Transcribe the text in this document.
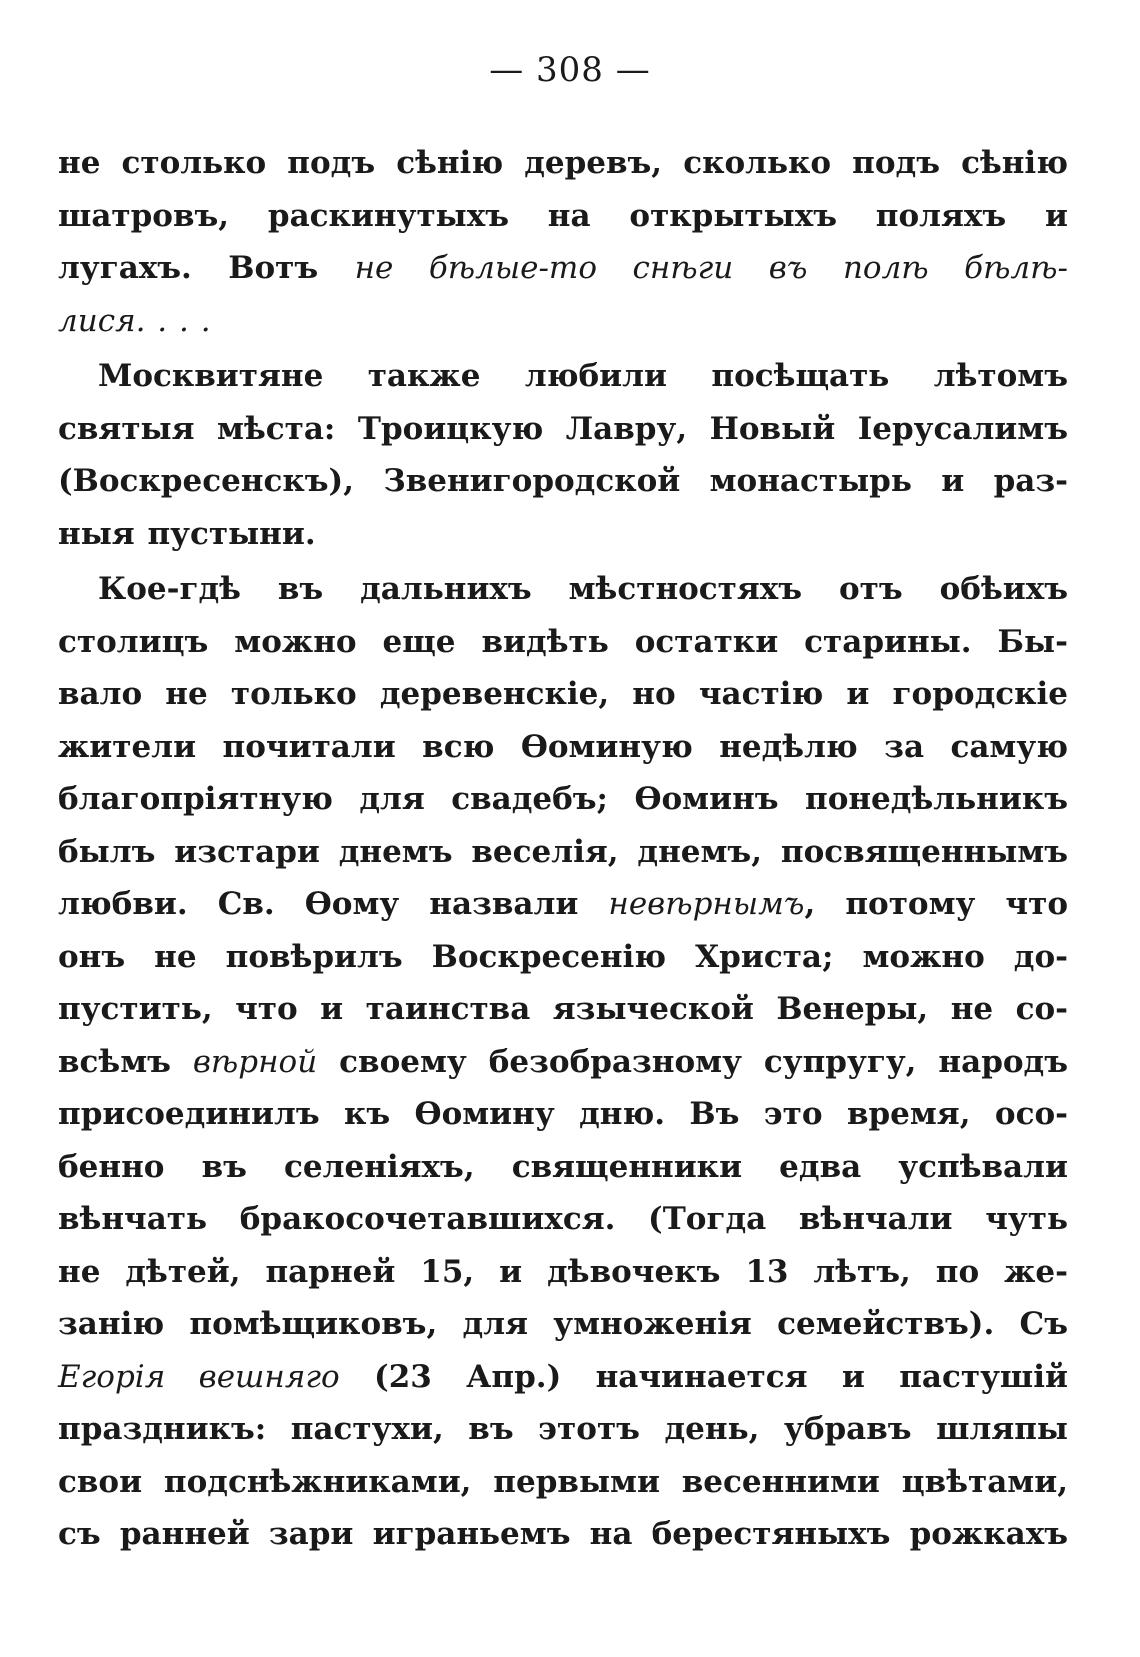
— 308 —
не столько подъ сѣнію деревъ, сколько подъ сѣнію
шатровъ, раскинутыхъ на открытыхъ поляхъ и
лугахъ. Вотъ не бѣлые-то снѣги въ полѣ бѣлѣ-
лися. . . .
Москвитяне также любили посѣщать лѣтомъ
святыя мѣста: Троицкую Лавру, Новый Іерусалимъ
(Воскресенскъ), Звенигородской монастырь и раз-
ныя пустыни.
Кое-гдѣ въ дальнихъ мѣстностяхъ отъ обѣихъ
столицъ можно еще видѣть остатки старины. Бы-
вало не только деревенскіе, но частію и городскіе
жители почитали всю Ѳоминую недѣлю за самую
благопріятную для свадебъ; Ѳоминъ понедѣльникъ
былъ изстари днемъ веселія, днемъ, посвященнымъ
любви. Св. Ѳому назвали невѣрнымъ, потому что
онъ не повѣрилъ Воскресенію Христа; можно до-
пустить, что и таинства языческой Венеры, не со-
всѣмъ вѣрной своему безобразному супругу, народъ
присоединилъ къ Ѳомину дню. Въ это время, осо-
бенно въ селеніяхъ, священники едва успѣвали
вѣнчать бракосочетавшихся. (Тогда вѣнчали чуть
не дѣтей, парней 15, и дѣвочекъ 13 лѣтъ, по же-
занію помѣщиковъ, для умноженія семействъ). Съ
Егорія вешняго (23 Апр.) начинается и пастушій
праздникъ: пастухи, въ этотъ день, убравъ шляпы
свои подснѣжниками, первыми весенними цвѣтами,
съ ранней зари играньемъ на берестяныхъ рожкахъ
